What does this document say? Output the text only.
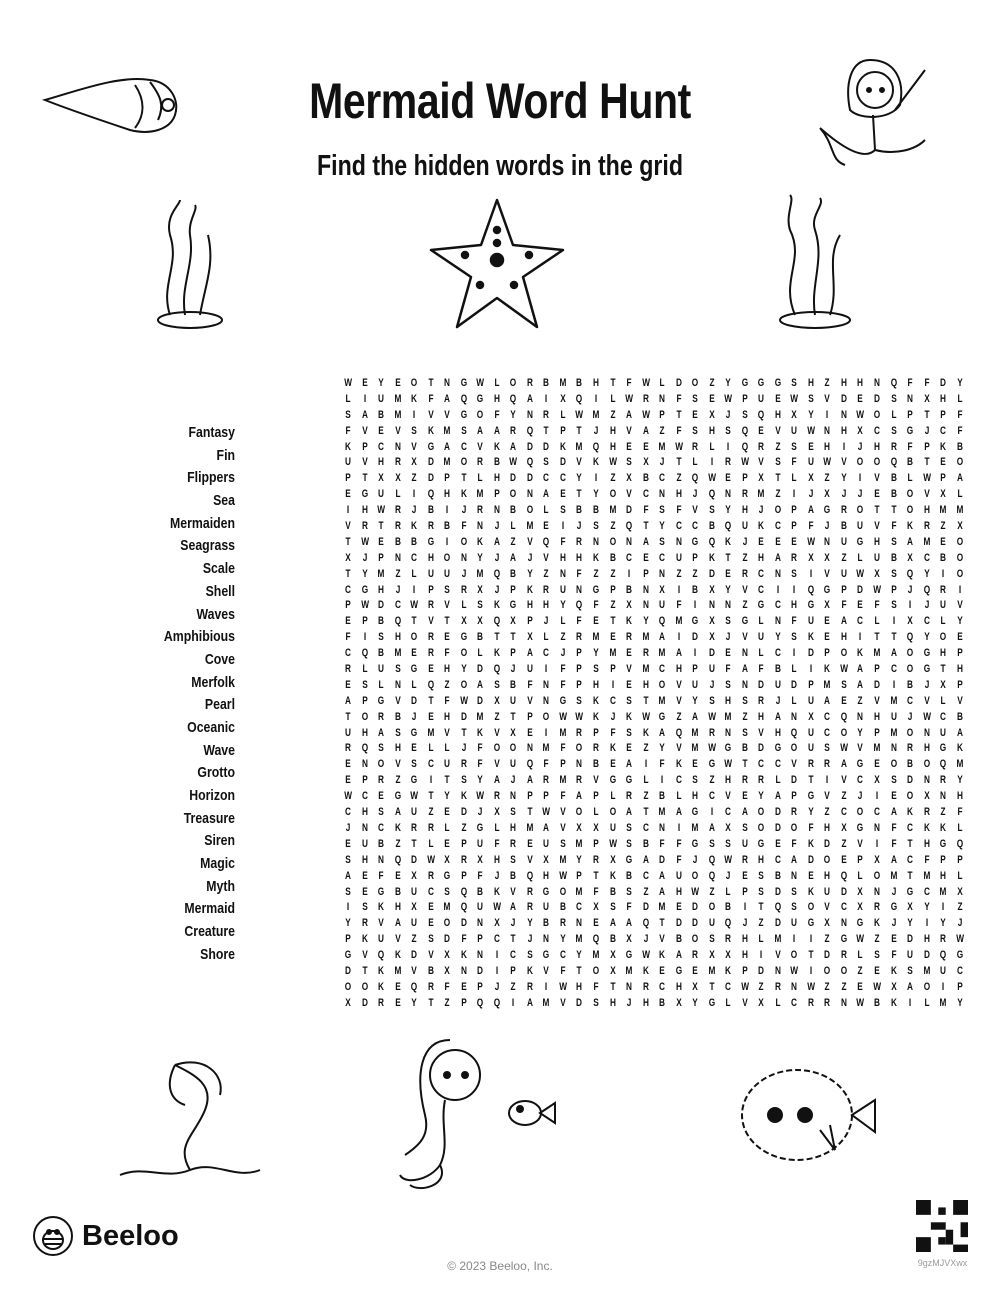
Mermaid Word Hunt
Find the hidden words in the grid
Fantasy
Fin
Flippers
Sea
Mermaiden
Seagrass
Scale
Shell
Waves
Amphibious
Cove
Merfolk
Pearl
Oceanic
Wave
Grotto
Horizon
Treasure
Siren
Magic
Myth
Mermaid
Creature
Shore
W E Y E O T N G W L O R B M B H T F W L D O Z Y G G G S H Z H H N Q F F D Y
L I U M K F A Q G H Q A I X Q I L W R N F S E W P U E W S V D E D S N X H L
S A B M I V V G O F Y N R L W M Z A W P T E X J S Q H X Y I N W O L P T P F
F V E V S K M S A A R Q T P T J H V A Z F S H S Q E V U W N H X C S G J C F
K P C N V G A C V K A D D K M Q H E E M W R L I Q R Z S E H I J H R F P K B
U V H R X D M O R B W Q S D V K W S X J T L I R W V S F U W V O O Q B T E O
P T X X Z D P T L H D D C C Y I Z X B C Z Q W E P X T L X Z Y I V B L W P A
E G U L I Q H K M P O N A E T Y O V C N H J Q N R M Z I J X J J E B O V X L
I H W R J B I J R N B O L S B B M D F S F V S Y H J O P A G R O T T O H M M
V R T R K R B F N J L M E I J S Z Q T Y C C B Q U K C P F J B U V F K R Z X
T W E B B G I O K A Z V Q F R N O N A S N G Q K J E E E W N U G H S A M E O
X J P N C H O N Y J A J V H H K B C E C U P K T Z H A R X X Z L U B X C B O
T Y M Z L U U J M Q B Y Z N F Z Z I P N Z Z D E R C N S I V U W X S Q Y I O
C G H J I P S R X J P K R U N G P B N X I B X Y V C I I Q G P D W P J Q R I
P W D C W R V L S K G H H Y Q F Z X N U F I N N Z G C H G X F E F S I J U V
E P B Q T V T X X Q X P J L F E T K Y Q M G X S G L N F U E A C L I X C L Y
F I S H O R E G B T T X L Z R M E R M A I D X J V U Y S K E H I T T Q Y O E
C Q B M E R F O L K P A C J P Y M E R M A I D E N L C I D P O K M A O G H P
R L U S G E H Y D Q J U I F P S P V M C H P U F A F B L I K W A P C O G T H
E S L N L Q Z O A S B F N F P H I E H O V U J S N D U D P M S A D I B J X P
A P G V D T F W D X U V N G S K C S T M V Y S H S R J L U A E Z V M C V L V
T O R B J E H D M Z T P O W W K J K W G Z A W M Z H A N X C Q N H U J W C B
U H A S G M V T K V X E I M R P F S K A Q M R N S V H Q U C O Y P M O N U A
R Q S H E L L J F O O N M F O R K E Z Y V M W G B D G O U S W V M N R H G K
E N O V S C U R F V U Q F P N B E A I F K E G W T C C V R R A G E O B O Q M
E P R Z G I T S Y A J A R M R V G G L I C S Z H R R L D T I V C X S D N R Y
W C E G W T Y K W R N P P F A P L R Z B L H C V E Y A P G V Z J I E O X N H
C H S A U Z E D J X S T W V O L O A T M A G I C A O D R Y Z C O C A K R Z F
J N C K R R L Z G L H M A V X X U S C N I M A X S O D O F H X G N F C K K L
E U B Z T L E P U F R E U S M P W S B F F G S S U G E F K D Z V I F T H G Q
S H N Q D W X R X H S V X M Y R X G A D F J Q W R H C A D O E P X A C F P P
A E F E X R G P F J B Q H W P T K B C A U O Q J E S B N E H Q L O M T M H L
S E G B U C S Q B K V R G O M F B S Z A H W Z L P S D S K U D X N J G C M X
I S K H X E M Q U W A R U B C X S F D M E D O B I T Q S O V C X R G X Y I Z
Y R V A U E O D N X J Y B R N E A A Q T D D U Q J Z D U G X N G K J Y I Y J
P K U V Z S D F P C T J N Y M Q B X J V B O S R H L M I I Z G W Z E D H R W
G V Q K D V X K N I C S G C Y M X G W K A R X X H I V O T D R L S F U D Q G
D T K M V B X N D I P K V F T O X M K E G E M K P D N W I O O Z E K S M U C
O O K E Q R F E P J Z R I W H F T N R C H X T C W Z R N W Z Z E W X A O I P
X D R E Y T Z P Q Q I A M V D S H J H B X Y G L V X L C R R N W B K I L M Y
Beeloo
© 2023 Beeloo, Inc.	9gzMJVXwx
